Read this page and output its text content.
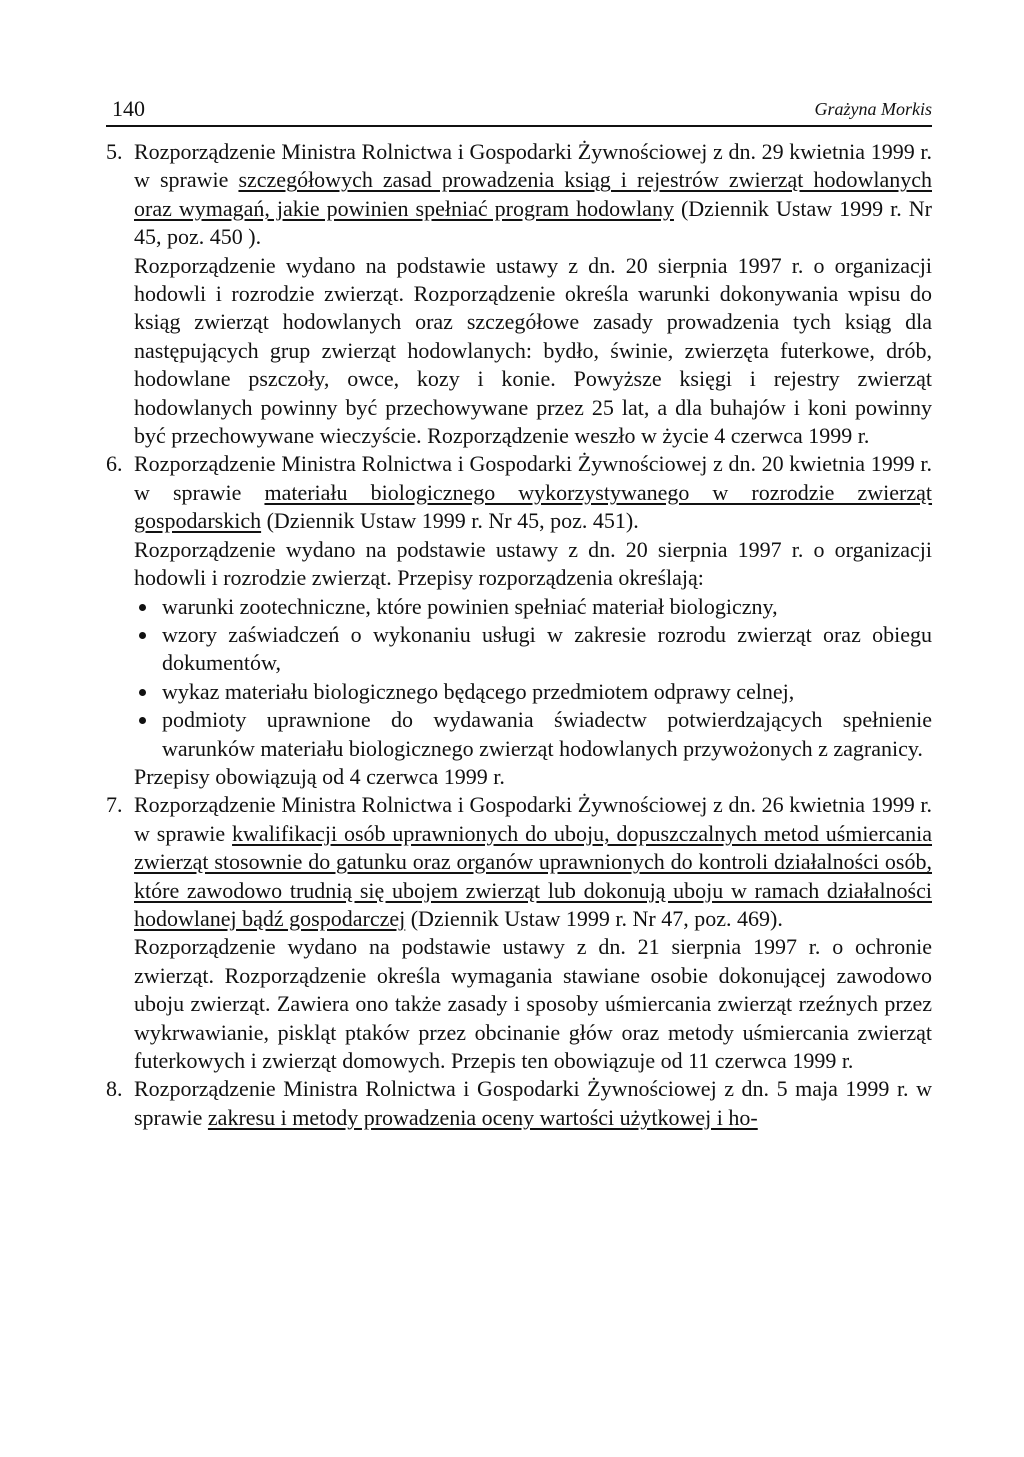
140	Grażyna Morkis
5. Rozporządzenie Ministra Rolnictwa i Gospodarki Żywnościowej z dn. 29 kwietnia 1999 r. w sprawie szczegółowych zasad prowadzenia ksiąg i rejestrów zwierząt hodowlanych oraz wymagań, jakie powinien spełniać program hodowlany (Dziennik Ustaw 1999 r. Nr 45, poz. 450 ).

Rozporządzenie wydano na podstawie ustawy z dn. 20 sierpnia 1997 r. o organizacji hodowli i rozrodzie zwierząt. Rozporządzenie określa warunki dokonywania wpisu do ksiąg zwierząt hodowlanych oraz szczegółowe zasady prowadzenia tych ksiąg dla następujących grup zwierząt hodowlanych: bydło, świnie, zwierzęta futerkowe, drób, hodowlane pszczoły, owce, kozy i konie. Powyższe księgi i rejestry zwierząt hodowlanych powinny być przechowywane przez 25 lat, a dla buhajów i koni powinny być przechowywane wieczyście. Rozporządzenie weszło w życie 4 czerwca 1999 r.

6. Rozporządzenie Ministra Rolnictwa i Gospodarki Żywnościowej z dn. 20 kwietnia 1999 r. w sprawie materiału biologicznego wykorzystywanego w rozrodzie zwierząt gospodarskich (Dziennik Ustaw 1999 r. Nr 45, poz. 451).

Rozporządzenie wydano na podstawie ustawy z dn. 20 sierpnia 1997 r. o organizacji hodowli i rozrodzie zwierząt. Przepisy rozporządzenia określają:

warunki zootechniczne, które powinien spełniać materiał biologiczny,
wzory zaświadczeń o wykonaniu usługi w zakresie rozrodu zwierząt oraz obiegu dokumentów,
wykaz materiału biologicznego będącego przedmiotem odprawy celnej,
podmioty uprawnione do wydawania świadectw potwierdzających spełnienie warunków materiału biologicznego zwierząt hodowlanych przywożonych z zagranicy.

Przepisy obowiązują od 4 czerwca 1999 r.

7. Rozporządzenie Ministra Rolnictwa i Gospodarki Żywnościowej z dn. 26 kwietnia 1999 r. w sprawie kwalifikacji osób uprawnionych do uboju, dopuszczalnych metod uśmiercania zwierząt stosownie do gatunku oraz organów uprawnionych do kontroli działalności osób, które zawodowo trudnią się ubojem zwierząt lub dokonują uboju w ramach działalności hodowlanej bądź gospodarczej (Dziennik Ustaw 1999 r. Nr 47, poz. 469).

Rozporządzenie wydano na podstawie ustawy z dn. 21 sierpnia 1997 r. o ochronie zwierząt. Rozporządzenie określa wymagania stawiane osobie dokonującej zawodowo uboju zwierząt. Zawiera ono także zasady i sposoby uśmiercania zwierząt rzeźnych przez wykrwawianie, piskląt ptaków przez obcinanie głów oraz metody uśmiercania zwierząt futerkowych i zwierząt domowych. Przepis ten obowiązuje od 11 czerwca 1999 r.

8. Rozporządzenie Ministra Rolnictwa i Gospodarki Żywnościowej z dn. 5 maja 1999 r. w sprawie zakresu i metody prowadzenia oceny wartości użytkowej i ho-
